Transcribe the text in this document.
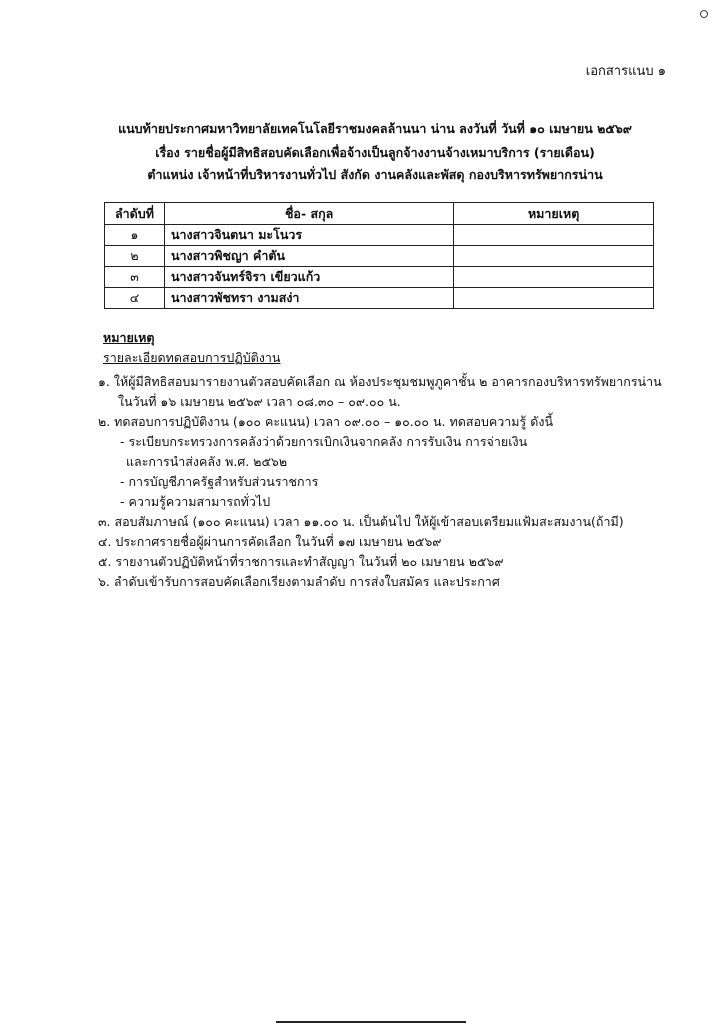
เอกสารแนบ ๑
แนบท้ายประกาศมหาวิทยาลัยเทคโนโลยีราชมงคลล้านนา น่าน ลงวันที่ วันที่ ๑๐ เมษายน ๒๕๖๙
เรื่อง รายชื่อผู้มีสิทธิสอบคัดเลือกเพื่อจ้างเป็นลูกจ้างงานจ้างเหมาบริการ (รายเดือน)
ตำแหน่ง เจ้าหน้าที่บริหารงานทั่วไป สังกัด งานคลังและพัสดุ กองบริหารทรัพยากรน่าน
ลำดับที่	ชื่อ- สกุล	หมายเหตุ
๑	นางสาวจินตนา มะโนวร	
๒	นางสาวพิชญา คำตัน	
๓	นางสาวจันทร์จิรา เขียวแก้ว	
๔	นางสาวพัชทรา งามสง่า	
หมายเหตุ
รายละเอียดทดสอบการปฏิบัติงาน
๑. ให้ผู้มีสิทธิสอบมารายงานตัวสอบคัดเลือก ณ ห้องประชุมชมพูภูคาชั้น ๒ อาคารกองบริหารทรัพยากรน่าน
ในวันที่ ๑๖ เมษายน ๒๕๖๙ เวลา ๐๘.๓๐ – ๐๙.๐๐ น.
๒. ทดสอบการปฏิบัติงาน (๑๐๐ คะแนน) เวลา ๐๙.๐๐ – ๑๐.๐๐ น. ทดสอบความรู้ ดังนี้
- ระเบียบกระทรวงการคลังว่าด้วยการเบิกเงินจากคลัง การรับเงิน การจ่ายเงิน
และการนำส่งคลัง พ.ศ. ๒๕๖๒
- การบัญชีภาครัฐสำหรับส่วนราชการ
- ความรู้ความสามารถทั่วไป
๓. สอบสัมภาษณ์ (๑๐๐ คะแนน) เวลา ๑๑.๐๐ น. เป็นต้นไป ให้ผู้เข้าสอบเตรียมแฟ้มสะสมงาน(ถ้ามี)
๔. ประกาศรายชื่อผู้ผ่านการคัดเลือก ในวันที่ ๑๗ เมษายน ๒๕๖๙
๕. รายงานตัวปฏิบัติหน้าที่ราชการและทำสัญญา ในวันที่ ๒๐ เมษายน ๒๕๖๙
๖. ลำดับเข้ารับการสอบคัดเลือกเรียงตามลำดับ การส่งใบสมัคร และประกาศ
